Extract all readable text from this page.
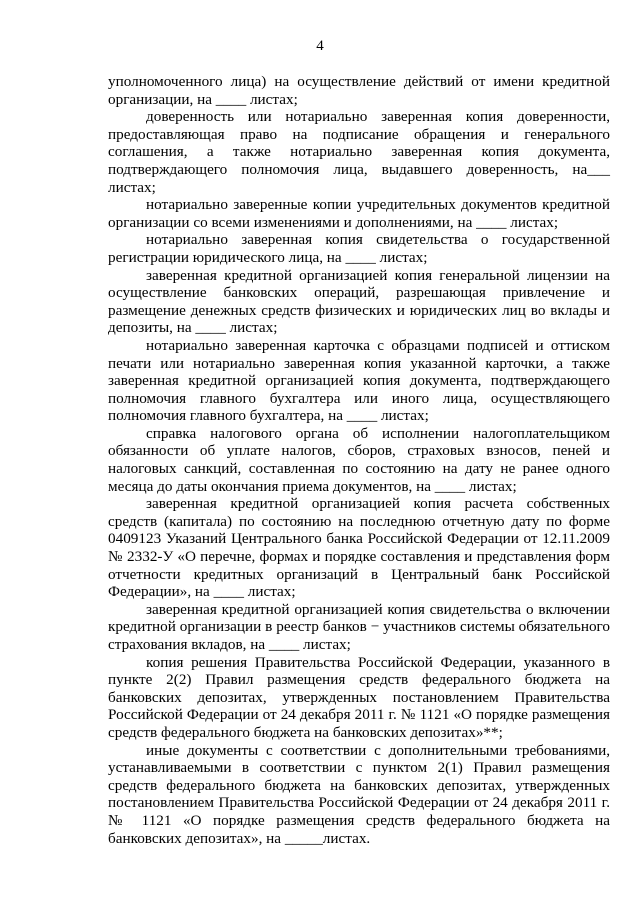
4

уполномоченного лица) на осуществление действий от имени кредитной организации, на ____ листах;

доверенность или нотариально заверенная копия доверенности, предоставляющая право на подписание обращения и генерального соглашения, а также нотариально заверенная копия документа, подтверждающего полномочия лица, выдавшего доверенность, на___ листах;

нотариально заверенные копии учредительных документов кредитной организации со всеми изменениями и дополнениями, на ____ листах;

нотариально заверенная копия свидетельства о государственной регистрации юридического лица, на ____ листах;

заверенная кредитной организацией копия генеральной лицензии на осуществление банковских операций, разрешающая привлечение и размещение денежных средств физических и юридических лиц во вклады и депозиты, на ____ листах;

нотариально заверенная карточка с образцами подписей и оттиском печати или нотариально заверенная копия указанной карточки, а также заверенная кредитной организацией копия документа, подтверждающего полномочия главного бухгалтера или иного лица, осуществляющего полномочия главного бухгалтера, на ____ листах;

справка налогового органа об исполнении налогоплательщиком обязанности об уплате налогов, сборов, страховых взносов, пеней и налоговых санкций, составленная по состоянию на дату не ранее одного месяца до даты окончания приема документов, на ____ листах;

заверенная кредитной организацией копия расчета собственных средств (капитала) по состоянию на последнюю отчетную дату по форме 0409123 Указаний Центрального банка Российской Федерации от 12.11.2009 № 2332-У «О перечне, формах и порядке составления и представления форм отчетности кредитных организаций в Центральный банк Российской Федерации», на ____ листах;

заверенная кредитной организацией копия свидетельства о включении кредитной организации в реестр банков − участников системы обязательного страхования вкладов, на ____ листах;

копия решения Правительства Российской Федерации, указанного в пункте 2(2) Правил размещения средств федерального бюджета на банковских депозитах, утвержденных постановлением Правительства Российской Федерации от 24 декабря 2011 г. № 1121 «О порядке размещения средств федерального бюджета на банковских депозитах»**;

иные документы с соответствии с дополнительными требованиями, устанавливаемыми в соответствии с пунктом 2(1) Правил размещения средств федерального бюджета на банковских депозитах, утвержденных постановлением Правительства Российской Федерации от 24 декабря 2011 г. № 1121 «О порядке размещения средств федерального бюджета на банковских депозитах», на _____листах.
